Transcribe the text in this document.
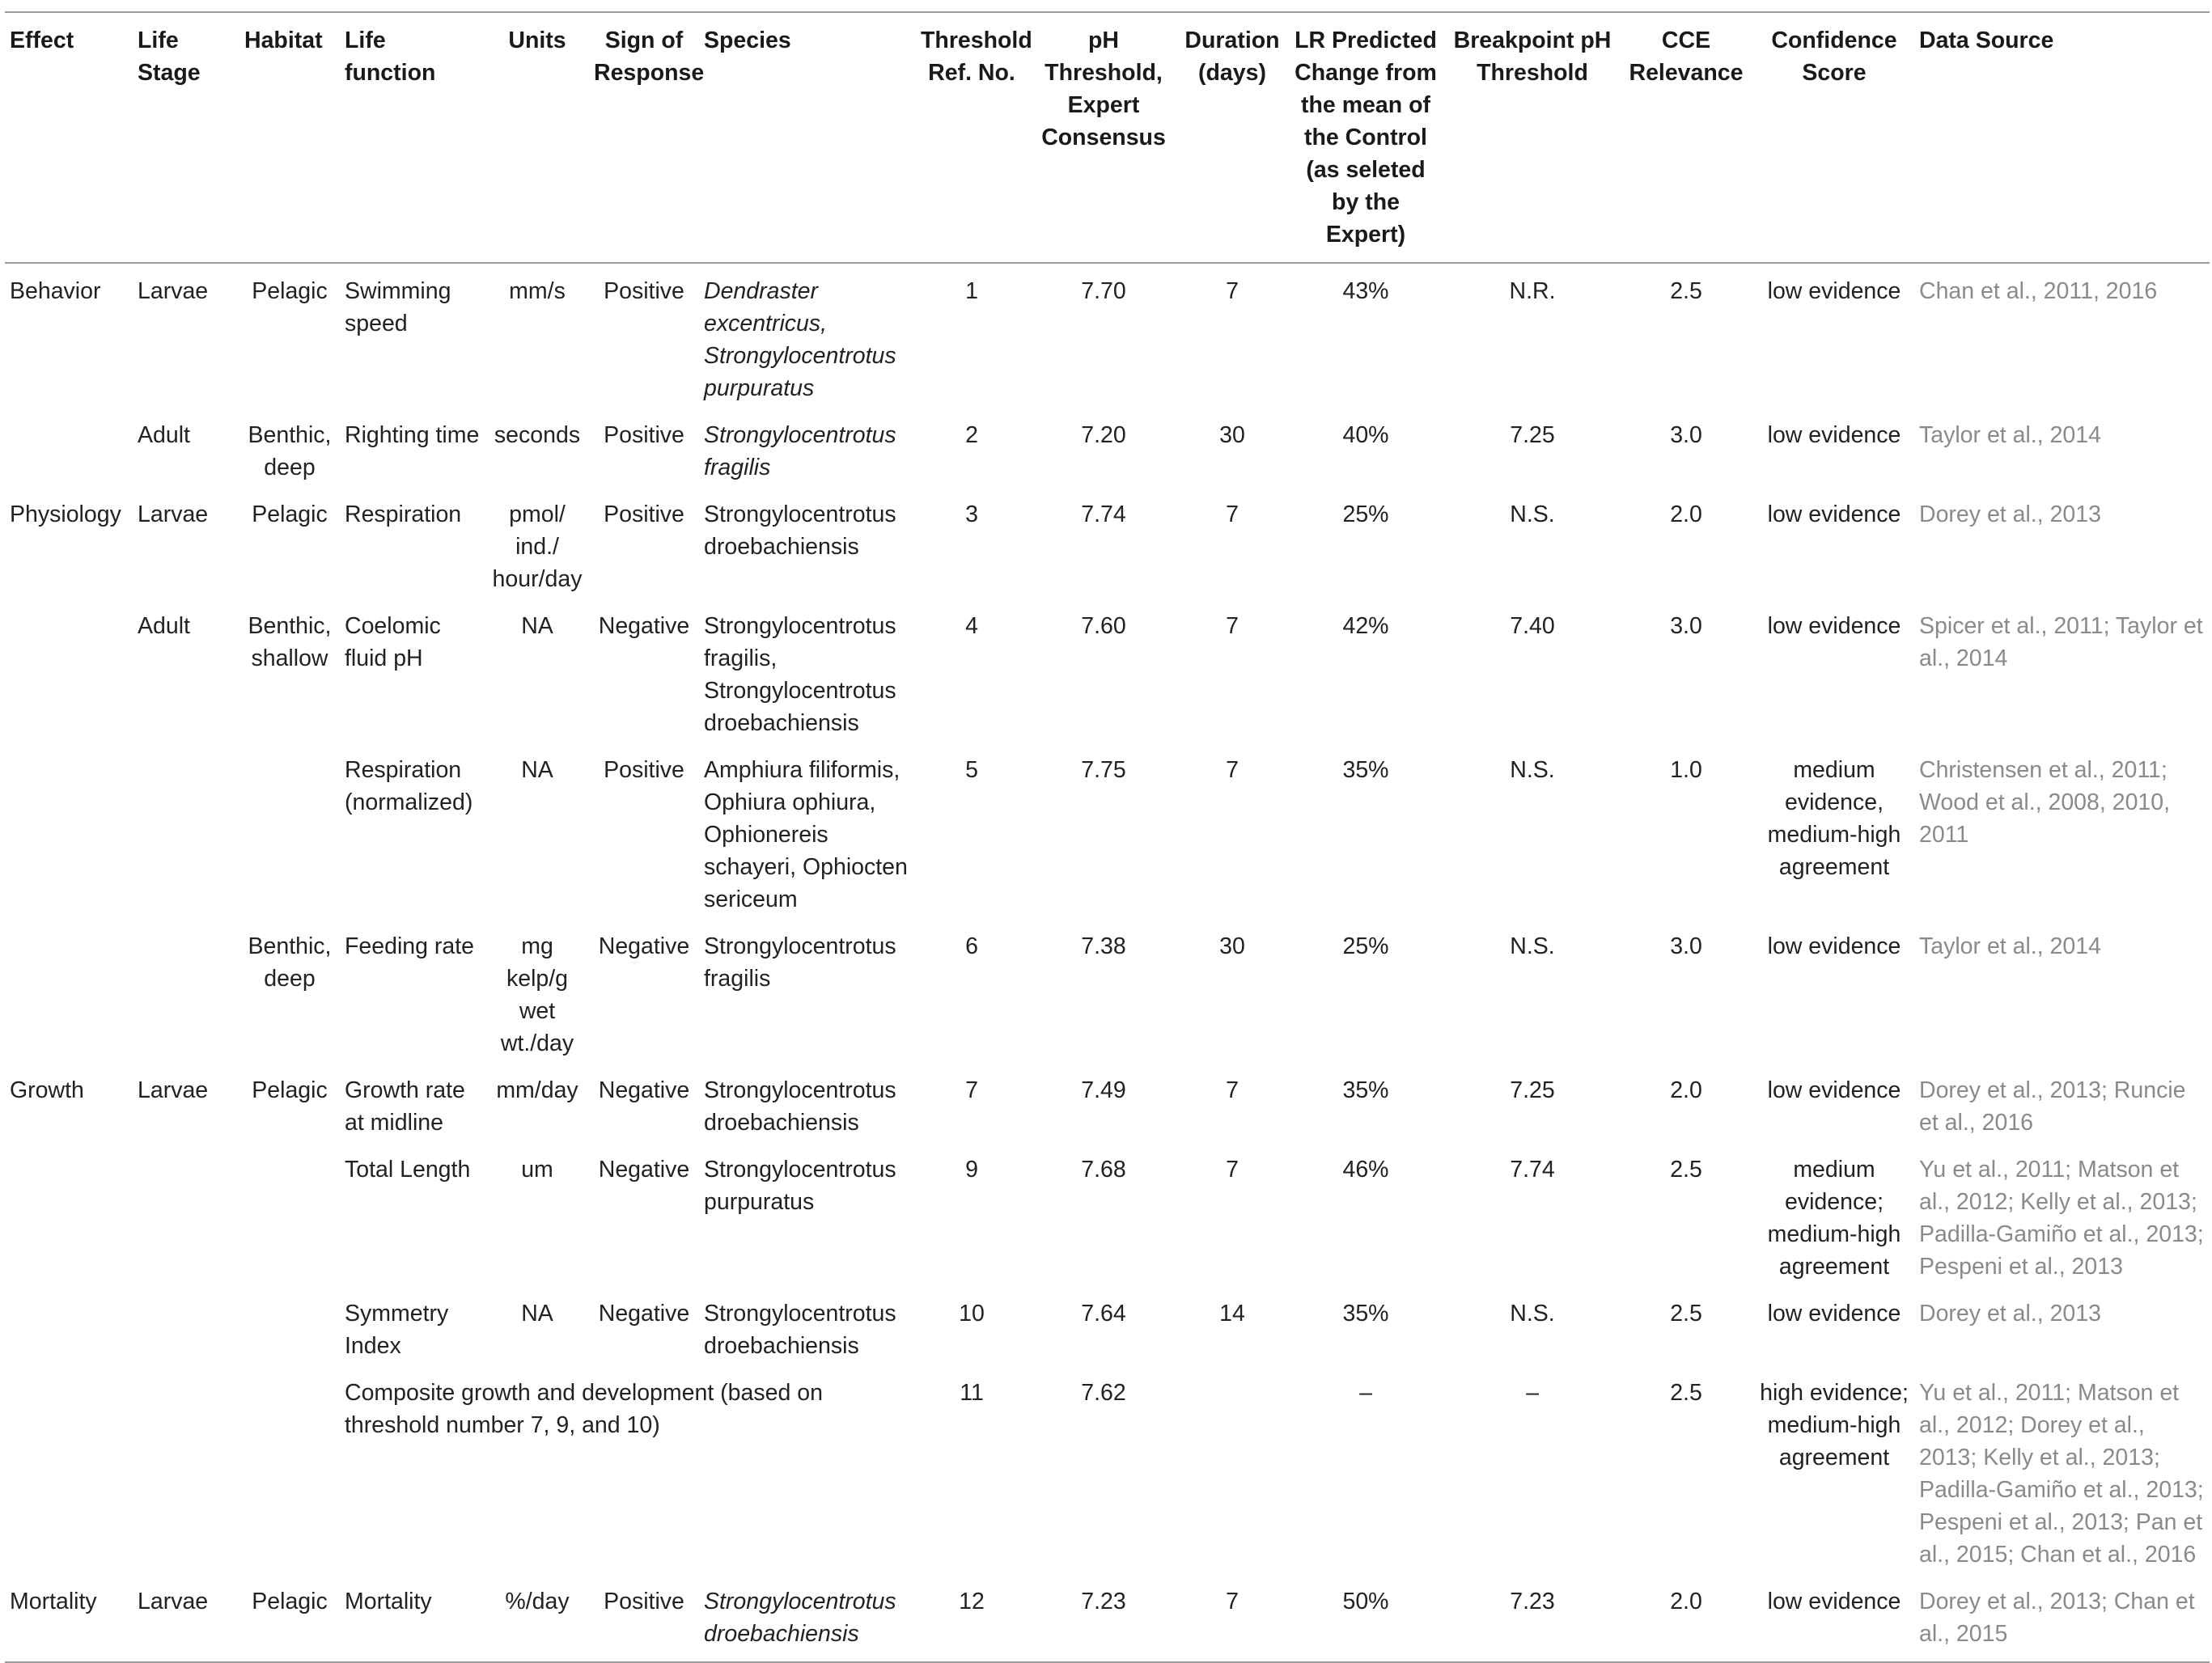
Effect	Life Stage	Habitat	Life function	Units	Sign of Response	Species	Threshold Ref. No.	pH Threshold, Expert Consensus	Duration (days)	LR Predicted Change from the mean of the Control (as seleted by the Expert)	Breakpoint pH Threshold	CCE Relevance	Confidence Score	Data Source
Behavior	Larvae	Pelagic	Swimming speed	mm/s	Positive	Dendraster excentricus, Strongylocentrotus purpuratus	1	7.70	7	43%	N.R.	2.5	low evidence	Chan et al., 2011, 2016
	Adult	Benthic, deep	Righting time	seconds	Positive	Strongylocentrotus fragilis	2	7.20	30	40%	7.25	3.0	low evidence	Taylor et al., 2014
Physiology	Larvae	Pelagic	Respiration	pmol/ ind./ hour/day	Positive	Strongylocentrotus droebachiensis	3	7.74	7	25%	N.S.	2.0	low evidence	Dorey et al., 2013
	Adult	Benthic, shallow	Coelomic fluid pH	NA	Negative	Strongylocentrotus fragilis, Strongylocentrotus droebachiensis	4	7.60	7	42%	7.40	3.0	low evidence	Spicer et al., 2011; Taylor et al., 2014
			Respiration (normalized)	NA	Positive	Amphiura filiformis, Ophiura ophiura, Ophionereis schayeri, Ophiocten sericeum	5	7.75	7	35%	N.S.	1.0	medium evidence, medium-high agreement	Christensen et al., 2011; Wood et al., 2008, 2010, 2011
		Benthic, deep	Feeding rate	mg kelp/g wet wt./day	Negative	Strongylocentrotus fragilis	6	7.38	30	25%	N.S.	3.0	low evidence	Taylor et al., 2014
Growth	Larvae	Pelagic	Growth rate at midline	mm/day	Negative	Strongylocentrotus droebachiensis	7	7.49	7	35%	7.25	2.0	low evidence	Dorey et al., 2013; Runcie et al., 2016
			Total Length	um	Negative	Strongylocentrotus purpuratus	9	7.68	7	46%	7.74	2.5	medium evidence; medium-high agreement	Yu et al., 2011; Matson et al., 2012; Kelly et al., 2013; Padilla-Gamiño et al., 2013; Pespeni et al., 2013
			Symmetry Index	NA	Negative	Strongylocentrotus droebachiensis	10	7.64	14	35%	N.S.	2.5	low evidence	Dorey et al., 2013
			Composite growth and development (based on threshold number 7, 9, and 10)				11	7.62		–	–	2.5	high evidence; medium-high agreement	Yu et al., 2011; Matson et al., 2012; Dorey et al., 2013; Kelly et al., 2013; Padilla-Gamiño et al., 2013; Pespeni et al., 2013; Pan et al., 2015; Chan et al., 2016
Mortality	Larvae	Pelagic	Mortality	%/day	Positive	Strongylocentrotus droebachiensis	12	7.23	7	50%	7.23	2.0	low evidence	Dorey et al., 2013; Chan et al., 2015
